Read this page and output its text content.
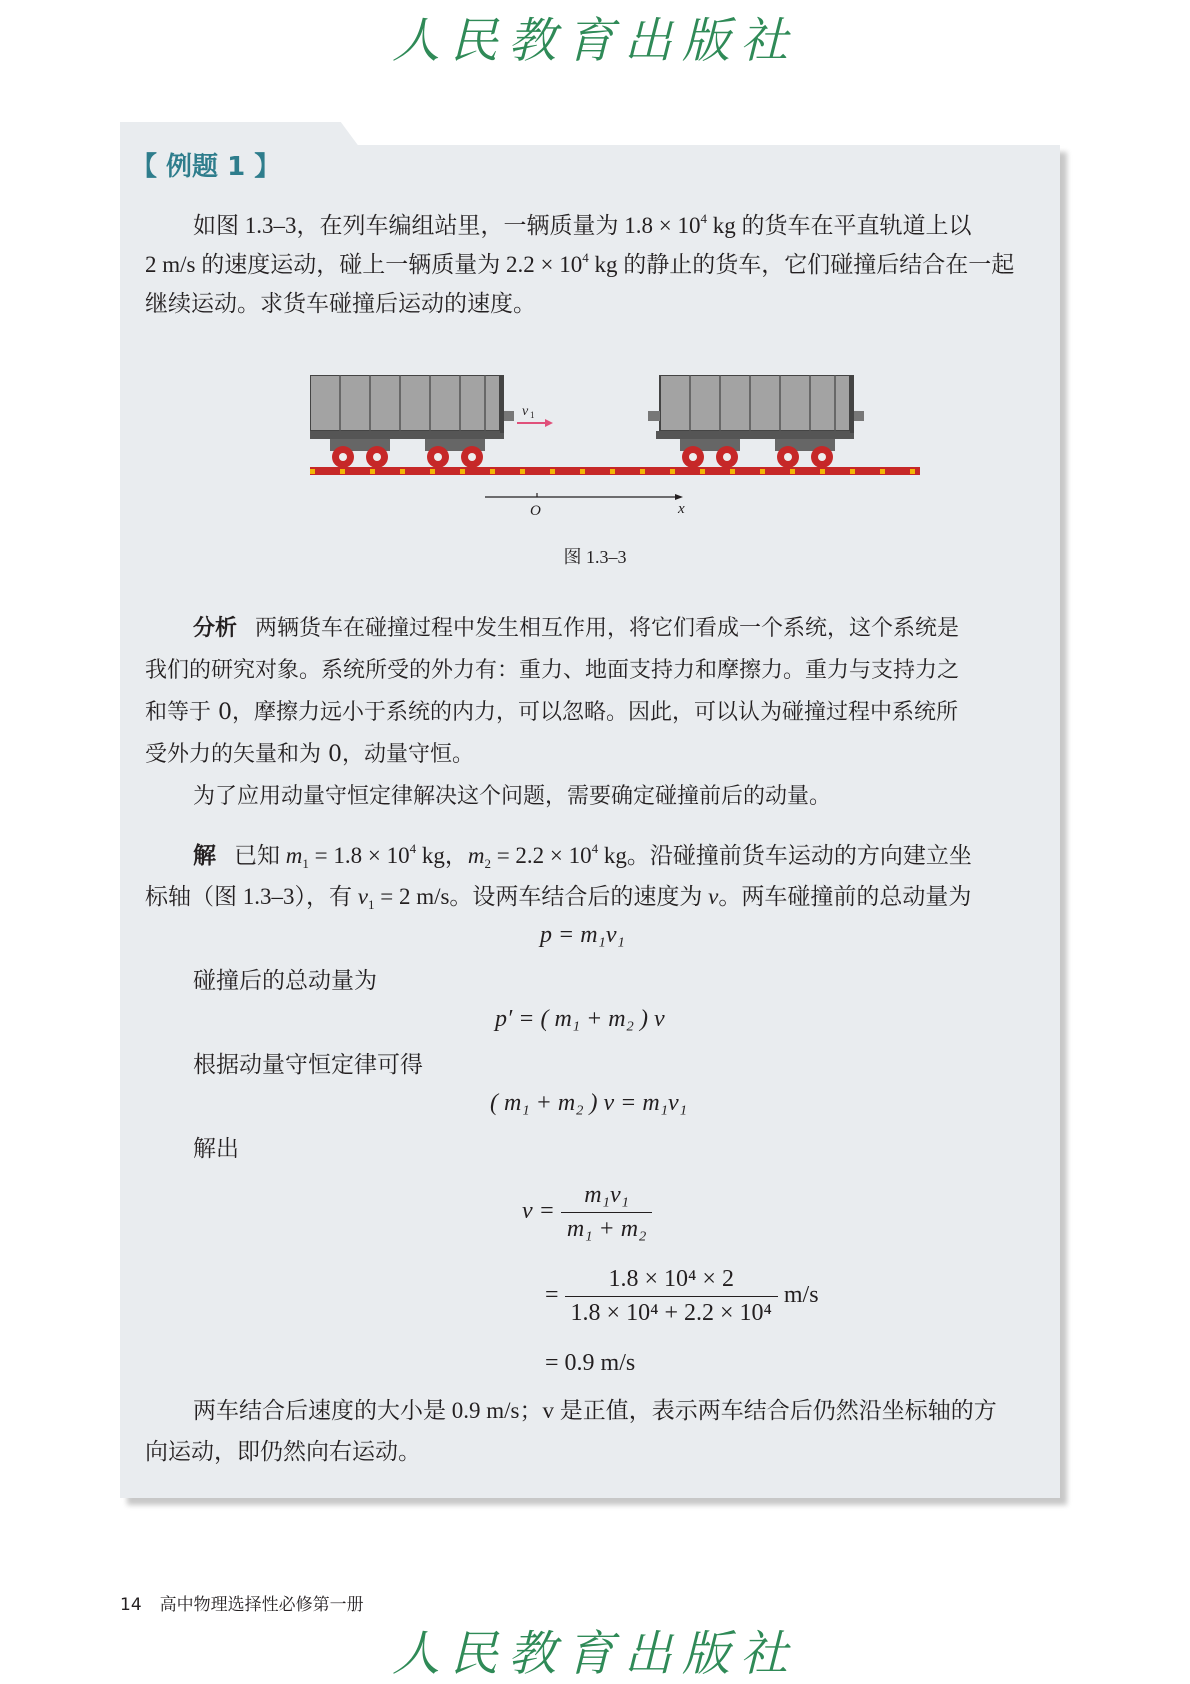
人民教育出版社
【 例题 1 】
如图 1.3–3，在列车编组站里，一辆质量为 $1.8 \times 10^4$ kg 的货车在平直轨道上以
2 m/s 的速度运动，碰上一辆质量为 $2.2 \times 10^4$ kg 的静止的货车，它们碰撞后结合在一起
继续运动。求货车碰撞后运动的速度。
v 1
O	x
图 1.3–3
分析 两辆货车在碰撞过程中发生相互作用，将它们看成一个系统，这个系统是
我们的研究对象。系统所受的外力有：重力、地面支持力和摩擦力。重力与支持力之
和等于 0，摩擦力远小于系统的内力，可以忽略。因此，可以认为碰撞过程中系统所
受外力的矢量和为 0，动量守恒。
为了应用动量守恒定律解决这个问题，需要确定碰撞前后的动量。
解 已知 $m_1 = 1.8 \times 10^4$ kg，$m_2 = 2.2 \times 10^4$ kg。沿碰撞前货车运动的方向建立坐
标轴（图 1.3–3），有 $v_1 = 2$ m/s。设两车结合后的速度为 v。两车碰撞前的总动量为
p = m₁v₁
碰撞后的总动量为
p′ = ( m₁ + m₂ ) v
根据动量守恒定律可得
( m₁ + m₂ ) v = m₁v₁
解出
$v = \frac{\text{m₁v₁}}{\text{m₁ + m₂}}$
= $\frac{\text{1.8 × 10⁴ × 2}}{\text{1.8 × 10⁴ + 2.2 × 10⁴}} m/s$
= 0.9 m/s
两车结合后速度的大小是 0.9 m/s；v 是正值，表示两车结合后仍然沿坐标轴的方
向运动，即仍然向右运动。
14 高中物理选择性必修第一册
人民教育出版社
